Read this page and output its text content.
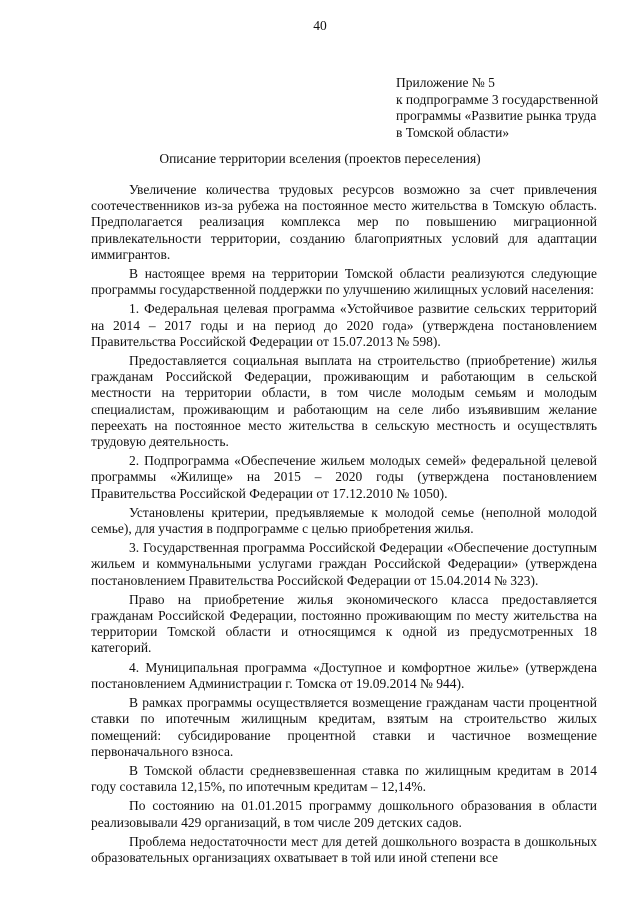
40
Приложение № 5
к подпрограмме 3 государственной
программы «Развитие рынка труда
в Томской области»
Описание территории вселения (проектов переселения)

Увеличение количества трудовых ресурсов возможно за счет привлечения соотечественников из-за рубежа на постоянное место жительства в Томскую область. Предполагается реализация комплекса мер по повышению миграционной привлекательности территории, созданию благоприятных условий для адаптации иммигрантов.

В настоящее время на территории Томской области реализуются следующие программы государственной поддержки по улучшению жилищных условий населения:

1. Федеральная целевая программа «Устойчивое развитие сельских территорий на 2014 – 2017 годы и на период до 2020 года» (утверждена постановлением Правительства Российской Федерации от 15.07.2013 № 598).

Предоставляется социальная выплата на строительство (приобретение) жилья гражданам Российской Федерации, проживающим и работающим в сельской местности на территории области, в том числе молодым семьям и молодым специалистам, проживающим и работающим на селе либо изъявившим желание переехать на постоянное место жительства в сельскую местность и осуществлять трудовую деятельность.

2. Подпрограмма «Обеспечение жильем молодых семей» федеральной целевой программы «Жилище» на 2015 – 2020 годы (утверждена постановлением Правительства Российской Федерации от 17.12.2010 № 1050).

Установлены критерии, предъявляемые к молодой семье (неполной молодой семье), для участия в подпрограмме с целью приобретения жилья.

3. Государственная программа Российской Федерации «Обеспечение доступным жильем и коммунальными услугами граждан Российской Федерации» (утверждена постановлением Правительства Российской Федерации от 15.04.2014 № 323).

Право на приобретение жилья экономического класса предоставляется гражданам Российской Федерации, постоянно проживающим по месту жительства на территории Томской области и относящимся к одной из предусмотренных 18 категорий.

4. Муниципальная программа «Доступное и комфортное жилье» (утверждена постановлением Администрации г. Томска от 19.09.2014 № 944).

В рамках программы осуществляется возмещение гражданам части процентной ставки по ипотечным жилищным кредитам, взятым на строительство жилых помещений: субсидирование процентной ставки и частичное возмещение первоначального взноса.

В Томской области средневзвешенная ставка по жилищным кредитам в 2014 году составила 12,15%, по ипотечным кредитам – 12,14%.

По состоянию на 01.01.2015 программу дошкольного образования в области реализовывали 429 организаций, в том числе 209 детских садов.

Проблема недостаточности мест для детей дошкольного возраста в дошкольных образовательных организациях охватывает в той или иной степени все
